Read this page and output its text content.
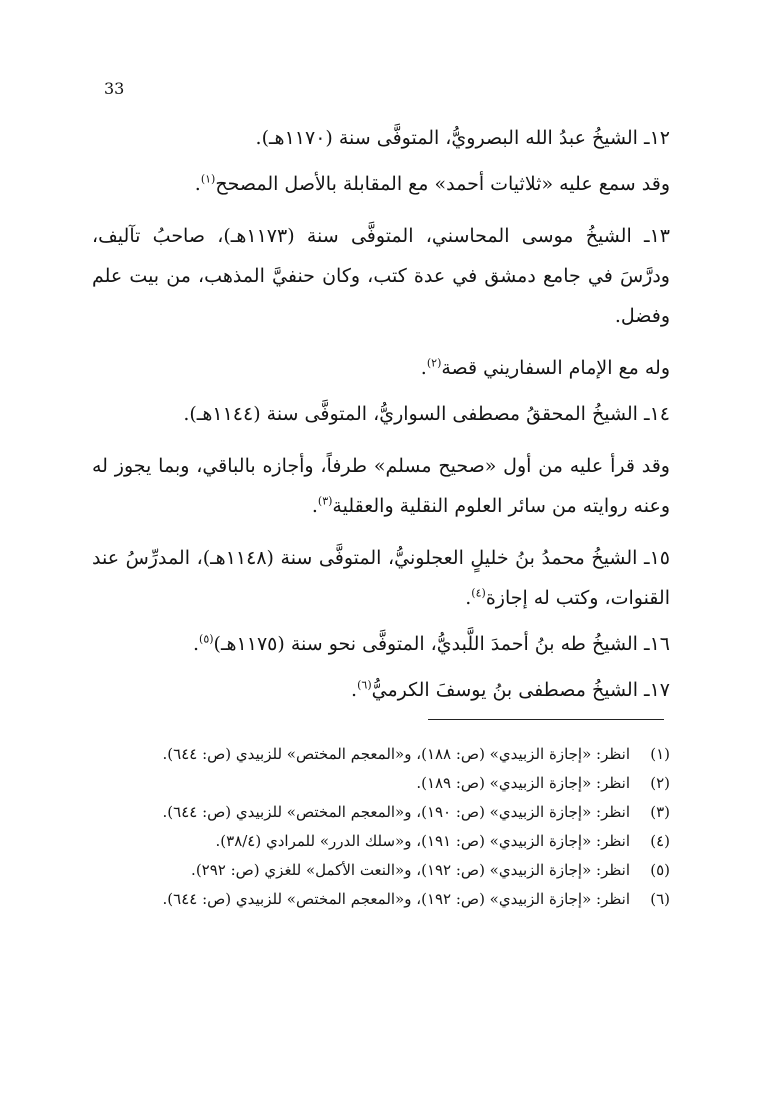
33

١٢ـ الشيخُ عبدُ الله البصرويُّ، المتوفَّى سنة (١١٧٠هـ).

وقد سمع عليه «ثلاثيات أحمد» مع المقابلة بالأصل المصحح$^{(١)}$.

١٣ـ الشيخُ موسى المحاسني، المتوفَّى سنة (١١٧٣هـ)، صاحبُ تآليف، ودرَّسَ في جامع دمشق في عدة كتب، وكان حنفيَّ المذهب، من بيت علم وفضل.

وله مع الإمام السفاريني قصة$^{(٢)}$.

١٤ـ الشيخُ المحققُ مصطفى السواريُّ، المتوفَّى سنة (١١٤٤هـ).

وقد قرأ عليه من أول «صحيح مسلم» طرفاً، وأجازه بالباقي، وبما يجوز له وعنه روايته من سائر العلوم النقلية والعقلية$^{(٣)}$.

١٥ـ الشيخُ محمدُ بنُ خليلٍ العجلونيُّ، المتوفَّى سنة (١١٤٨هـ)، المدرِّسُ عند القنوات، وكتب له إجازة$^{(٤)}$.

١٦ـ الشيخُ طه بنُ أحمدَ اللَّبديُّ، المتوفَّى نحو سنة (١١٧٥هـ)$^{(٥)}$.

١٧ـ الشيخُ مصطفى بنُ يوسفَ الكرميُّ$^{(٦)}$.

(١)
انظر: «إجازة الزبيدي» (ص: ١٨٨)، و«المعجم المختص» للزبيدي (ص: ٦٤٤).
(٢)
انظر: «إجازة الزبيدي» (ص: ١٨٩).
(٣)
انظر: «إجازة الزبيدي» (ص: ١٩٠)، و«المعجم المختص» للزبيدي (ص: ٦٤٤).
(٤)
انظر: «إجازة الزبيدي» (ص: ١٩١)، و«سلك الدرر» للمرادي (٣٨/٤).
(٥)
انظر: «إجازة الزبيدي» (ص: ١٩٢)، و«النعت الأكمل» للغزي (ص: ٢٩٢).
(٦)
انظر: «إجازة الزبيدي» (ص: ١٩٢)، و«المعجم المختص» للزبيدي (ص: ٦٤٤).
